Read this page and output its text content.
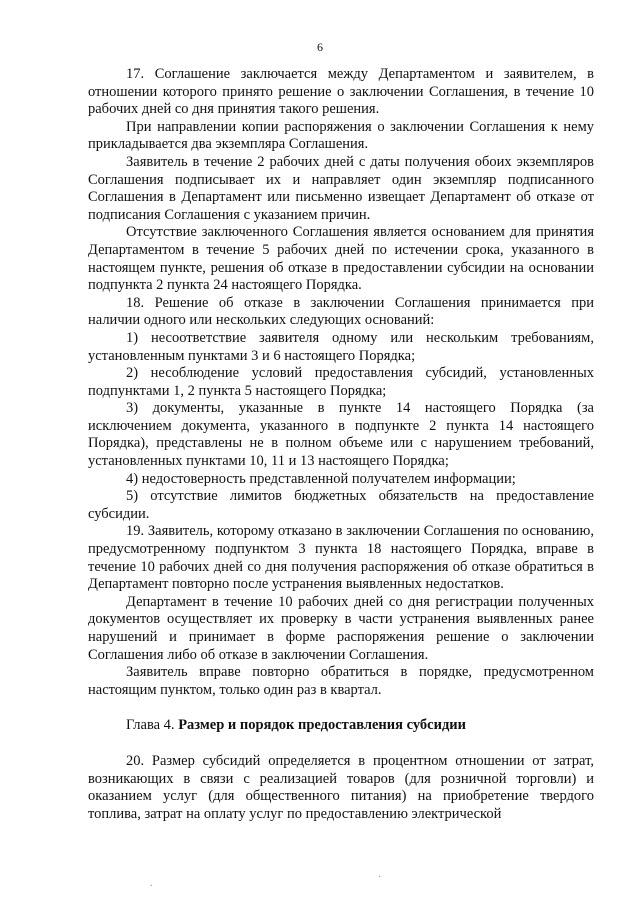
6

17. Соглашение заключается между Департаментом и заявителем, в отношении которого принято решение о заключении Соглашения, в течение 10 рабочих дней со дня принятия такого решения.

При направлении копии распоряжения о заключении Соглашения к нему прикладывается два экземпляра Соглашения.

Заявитель в течение 2 рабочих дней с даты получения обоих экземпляров Соглашения подписывает их и направляет один экземпляр подписанного Соглашения в Департамент или письменно извещает Департамент об отказе от подписания Соглашения с указанием причин.

Отсутствие заключенного Соглашения является основанием для принятия Департаментом в течение 5 рабочих дней по истечении срока, указанного в настоящем пункте, решения об отказе в предоставлении субсидии на основании подпункта 2 пункта 24 настоящего Порядка.

18. Решение об отказе в заключении Соглашения принимается при наличии одного или нескольких следующих оснований:

1) несоответствие заявителя одному или нескольким требованиям, установленным пунктами 3 и 6 настоящего Порядка;

2) несоблюдение условий предоставления субсидий, установленных подпунктами 1, 2 пункта 5 настоящего Порядка;

3) документы, указанные в пункте 14 настоящего Порядка (за исключением документа, указанного в подпункте 2 пункта 14 настоящего Порядка), представлены не в полном объеме или с нарушением требований, установленных пунктами 10, 11 и 13 настоящего Порядка;

4) недостоверность представленной получателем информации;

5) отсутствие лимитов бюджетных обязательств на предоставление субсидии.

19. Заявитель, которому отказано в заключении Соглашения по основанию, предусмотренному подпунктом 3 пункта 18 настоящего Порядка, вправе в течение 10 рабочих дней со дня получения распоряжения об отказе обратиться в Департамент повторно после устранения выявленных недостатков.

Департамент в течение 10 рабочих дней со дня регистрации полученных документов осуществляет их проверку в части устранения выявленных ранее нарушений и принимает в форме распоряжения решение о заключении Соглашения либо об отказе в заключении Соглашения.

Заявитель вправе повторно обратиться в порядке, предусмотренном настоящим пунктом, только один раз в квартал.

Глава 4. Размер и порядок предоставления субсидии

20. Размер субсидий определяется в процентном отношении от затрат, возникающих в связи с реализацией товаров (для розничной торговли) и оказанием услуг (для общественного питания) на приобретение твердого топлива, затрат на оплату услуг по предоставлению электрической

.
·
